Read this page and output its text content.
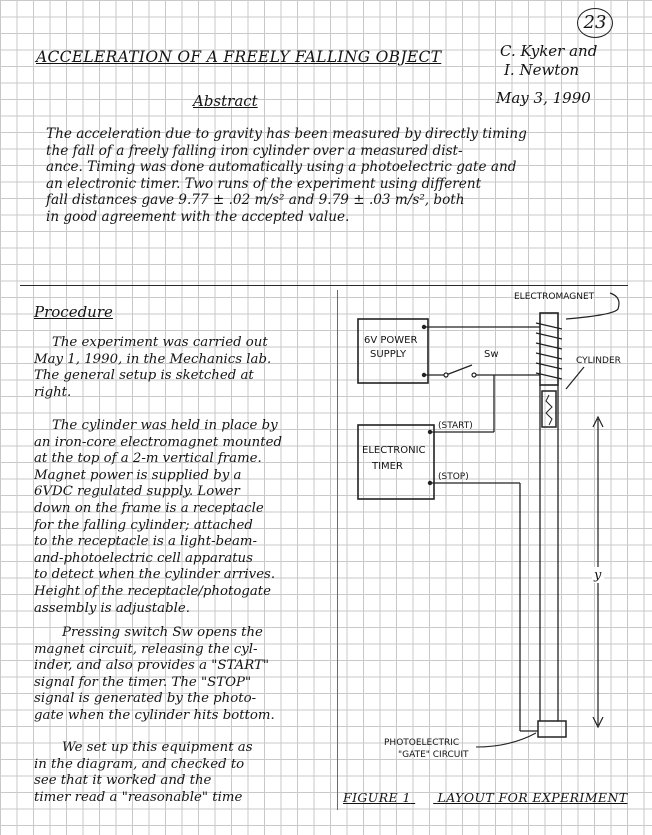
23
ACCELERATION OF A FREELY FALLING OBJECT	C. Kyker and
I. Newton
Abstract	May 3, 1990
The acceleration due to gravity has been measured by directly timing
the fall of a freely falling iron cylinder over a measured dist-
ance. Timing was done automatically using a photoelectric gate and
an electronic timer. Two runs of the experiment using different
fall distances gave 9.77 ± .02 m/s² and 9.79 ± .03 m/s², both
in good agreement with the accepted value.
Procedure
The experiment was carried out
May 1, 1990, in the Mechanics lab.
The general setup is sketched at
right.
The cylinder was held in place by
an iron-core electromagnet mounted
at the top of a 2-m vertical frame.
Magnet power is supplied by a
6VDC regulated supply. Lower
down on the frame is a receptacle
for the falling cylinder; attached
to the receptacle is a light-beam-
and-photoelectric cell apparatus
to detect when the cylinder arrives.
Height of the receptacle/photogate
assembly is adjustable.
Pressing switch Sw opens the
magnet circuit, releasing the cyl-
inder, and also provides a "START"
signal for the timer. The "STOP"
signal is generated by the photo-
gate when the cylinder hits bottom.
We set up this equipment as
in the diagram, and checked to
see that it worked and the
timer read a "reasonable" time
ELECTROMAGNET
6V POWER
SUPPLY	Sw
CYLINDER
ELECTRONIC
TIMER
(START)
(STOP)
y
PHOTOELECTRIC
"GATE" CIRCUIT
FIGURE 1 LAYOUT FOR EXPERIMENT
